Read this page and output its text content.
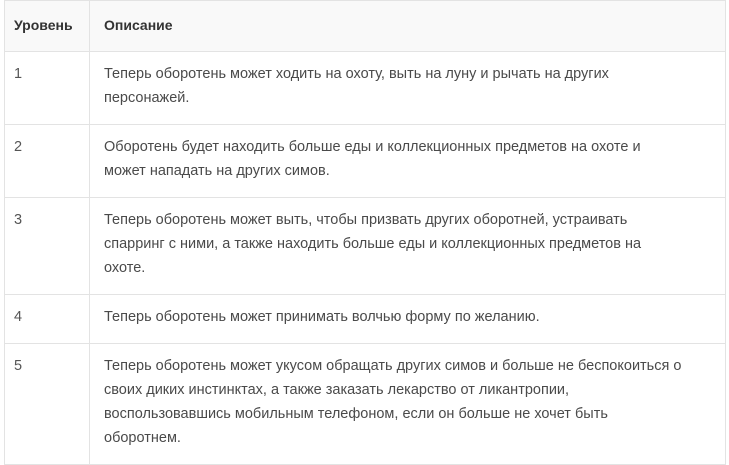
Уровень	Описание
1	Теперь оборотень может ходить на охоту, выть на луну и рычать на других
персонажей.
2	Оборотень будет находить больше еды и коллекционных предметов на охоте и
может нападать на других симов.
3	Теперь оборотень может выть, чтобы призвать других оборотней, устраивать
спарринг с ними, а также находить больше еды и коллекционных предметов на
охоте.
4	Теперь оборотень может принимать волчью форму по желанию.
5	Теперь оборотень может укусом обращать других симов и больше не беспокоиться о
своих диких инстинктах, а также заказать лекарство от ликантропии,
воспользовавшись мобильным телефоном, если он больше не хочет быть
оборотнем.
